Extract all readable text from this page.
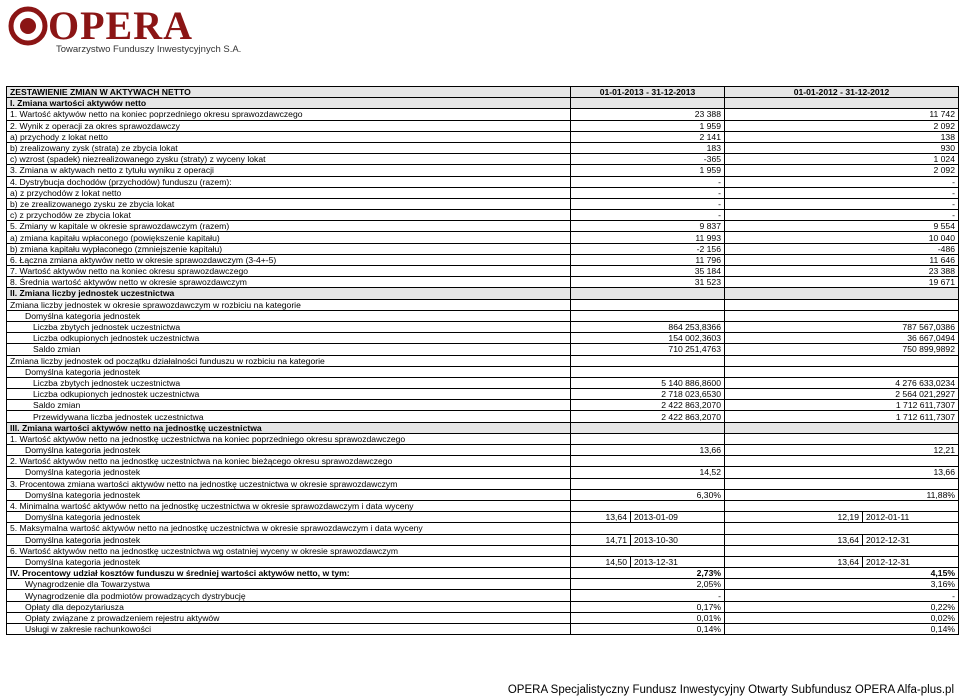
OPERA
Towarzystwo Funduszy Inwestycyjnych S.A.
ZESTAWIENIE ZMIAN W AKTYWACH NETTO	01-01-2013 - 31-12-2013		01-01-2012 - 31-12-2012	
I. Zmiana wartości aktywów netto				
1. Wartość aktywów netto na koniec poprzedniego okresu sprawozdawczego	23 388		11 742	
2. Wynik z operacji za okres sprawozdawczy	1 959		2 092	
a) przychody z lokat netto	2 141		138	
b) zrealizowany zysk (strata) ze zbycia lokat	183		930	
c) wzrost (spadek) niezrealizowanego zysku (straty) z wyceny lokat	-365		1 024	
3. Zmiana w aktywach netto z tytułu wyniku z operacji	1 959		2 092	
4. Dystrybucja dochodów (przychodów) funduszu (razem):	-		-	
a) z przychodów z lokat netto	-		-	
b) ze zrealizowanego zysku ze zbycia lokat	-		-	
c) z przychodów ze zbycia lokat	-		-	
5. Zmiany w kapitale w okresie sprawozdawczym (razem)	9 837		9 554	
a) zmiana kapitału wpłaconego (powiększenie kapitału)	11 993		10 040	
b) zmiana kapitału wypłaconego (zmniejszenie kapitału)	-2 156		-486	
6. Łączna zmiana aktywów netto w okresie sprawozdawczym (3-4+-5)	11 796		11 646	
7. Wartość aktywów netto na koniec okresu sprawozdawczego	35 184		23 388	
8. Średnia wartość aktywów netto w okresie sprawozdawczym	31 523		19 671	
II. Zmiana liczby jednostek uczestnictwa				
Zmiana liczby jednostek w okresie sprawozdawczym w rozbiciu na kategorie				
Domyślna kategoria jednostek				
Liczba zbytych jednostek uczestnictwa	864 253,8366		787 567,0386	
Liczba odkupionych jednostek uczestnictwa	154 002,3603		36 667,0494	
Saldo zmian	710 251,4763		750 899,9892	
Zmiana liczby jednostek od początku działalności funduszu w rozbiciu na kategorie				
Domyślna kategoria jednostek				
Liczba zbytych jednostek uczestnictwa	5 140 886,8600		4 276 633,0234	
Liczba odkupionych jednostek uczestnictwa	2 718 023,6530		2 564 021,2927	
Saldo zmian	2 422 863,2070		1 712 611,7307	
Przewidywana liczba jednostek uczestnictwa	2 422 863,2070		1 712 611,7307	
III. Zmiana wartości aktywów netto na jednostkę uczestnictwa				
1. Wartość aktywów netto na jednostkę uczestnictwa na koniec poprzedniego okresu sprawozdawczego				
Domyślna kategoria jednostek	13,66		12,21	
2. Wartość aktywów netto na jednostkę uczestnictwa na koniec bieżącego okresu sprawozdawczego				
Domyślna kategoria jednostek	14,52		13,66	
3. Procentowa zmiana wartości aktywów netto na jednostkę uczestnictwa w okresie sprawozdawczym				
Domyślna kategoria jednostek	6,30%		11,88%	
4. Minimalna wartość aktywów netto na jednostkę uczestnictwa w okresie sprawozdawczym i data wyceny				
Domyślna kategoria jednostek	13,64	2013-01-09	12,19	2012-01-11
5. Maksymalna wartość aktywów netto na jednostkę uczestnictwa w okresie sprawozdawczym i data wyceny				
Domyślna kategoria jednostek	14,71	2013-10-30	13,64	2012-12-31
6. Wartość aktywów netto na jednostkę uczestnictwa wg ostatniej wyceny w okresie sprawozdawczym				
Domyślna kategoria jednostek	14,50	2013-12-31	13,64	2012-12-31
IV. Procentowy udział kosztów funduszu w średniej wartości aktywów netto, w tym:	2,73%		4,15%	
Wynagrodzenie dla Towarzystwa	2,05%		3,16%	
Wynagrodzenie dla podmiotów prowadzących dystrybucję	-		-	
Opłaty dla depozytariusza	0,17%		0,22%	
Opłaty związane z prowadzeniem rejestru aktywów	0,01%		0,02%	
Usługi w zakresie rachunkowości	0,14%		0,14%	
OPERA Specjalistyczny Fundusz Inwestycyjny Otwarty Subfundusz OPERA Alfa-plus.pl
